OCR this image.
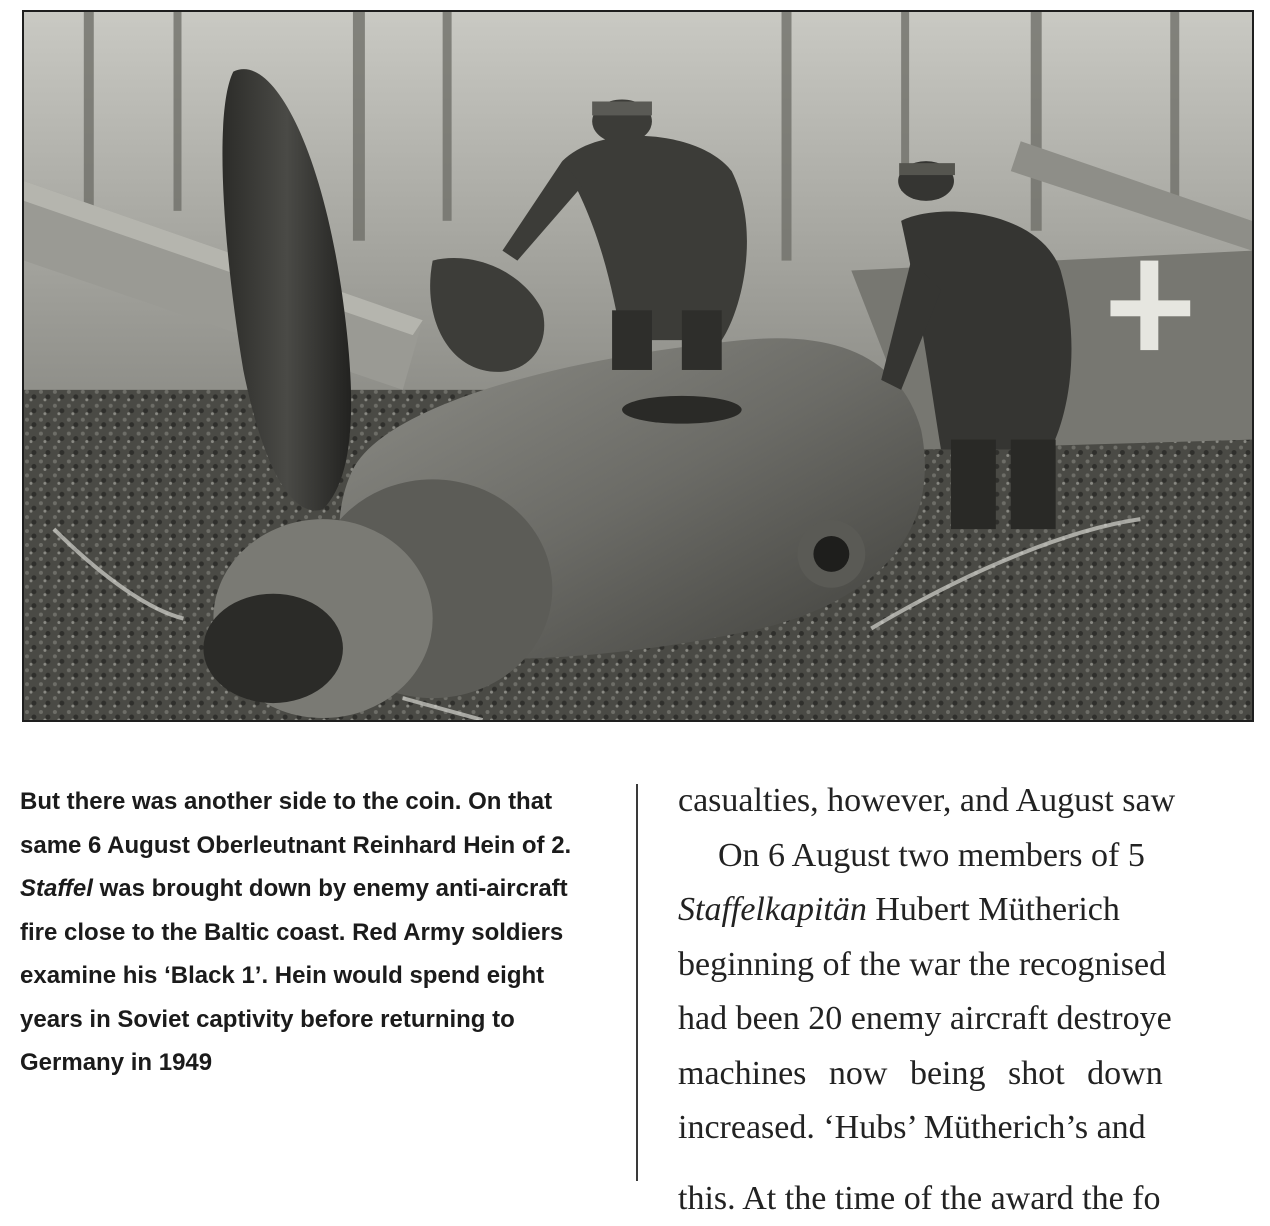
But there was another side to the coin. On that same 6 August Oberleutnant Reinhard Hein of 2. Staffel was brought down by enemy anti-aircraft fire close to the Baltic coast. Red Army soldiers examine his ‘Black 1’. Hein would spend eight years in Soviet captivity before returning to Germany in 1949

casualties, however, and August saw

On 6 August two members of 5

Staffelkapitän Hubert Mütherich

beginning of the war the recognised

had been 20 enemy aircraft destroye

machines now being shot down

increased. ‘Hubs’ Mütherich’s and

this. At the time of the award the fo
